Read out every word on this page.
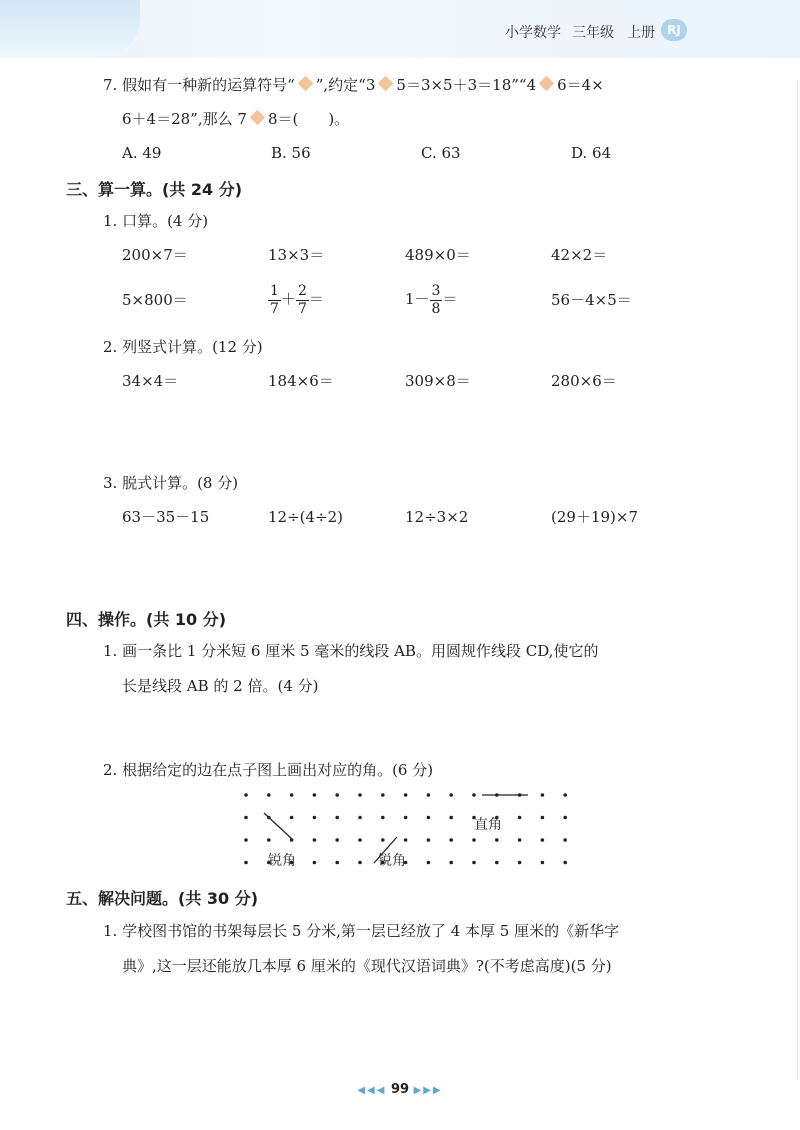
小学数学 三年级 上册	RJ
7. 假如有一种新的运算符号“ ”,约定“3 5＝3×5＋3＝18”“4 6＝4×
6＋4＝28”,那么 7 8＝(　　)。
A. 49	B. 56	C. 63	D. 64
三、算一算。(共 24 分)
1. 口算。(4 分)
200×7＝	13×3＝	489×0＝	42×2＝
5×800＝	$\frac{1}{7} + \frac{2}{7}$ ＝	$1- \frac{3}{8}$ ＝	56－4×5＝
2. 列竖式计算。(12 分)
34×4＝	184×6＝	309×8＝	280×6＝
3. 脱式计算。(8 分)
63－35－15	12÷(4÷2)	12÷3×2	(29＋19)×7
四、操作。(共 10 分)
1. 画一条比 1 分米短 6 厘米 5 毫米的线段 AB。用圆规作线段 CD,使它的
长是线段 AB 的 2 倍。(4 分)
2. 根据给定的边在点子图上画出对应的角。(6 分)
锐角	锐角
直角
五、解决问题。(共 30 分)
1. 学校图书馆的书架每层长 5 分米,第一层已经放了 4 本厚 5 厘米的《新华字
典》,这一层还能放几本厚 6 厘米的《现代汉语词典》?(不考虑高度)(5 分)
◀◀◀ 99 ▶▶▶
